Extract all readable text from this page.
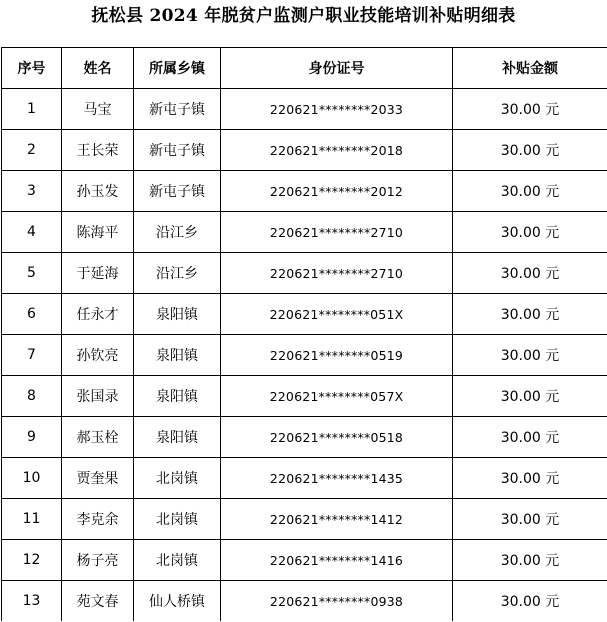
抚松县 2024 年脱贫户监测户职业技能培训补贴明细表
序号	姓名	所属乡镇	身份证号	补贴金额
1	马宝	新屯子镇	220621********2033	30.00 元
2	王长荣	新屯子镇	220621********2018	30.00 元
3	孙玉发	新屯子镇	220621********2012	30.00 元
4	陈海平	沿江乡	220621********2710	30.00 元
5	于延海	沿江乡	220621********2710	30.00 元
6	任永才	泉阳镇	220621********051X	30.00 元
7	孙钦亮	泉阳镇	220621********0519	30.00 元
8	张国录	泉阳镇	220621********057X	30.00 元
9	郝玉栓	泉阳镇	220621********0518	30.00 元
10	贾奎果	北岗镇	220621********1435	30.00 元
11	李克余	北岗镇	220621********1412	30.00 元
12	杨子亮	北岗镇	220621********1416	30.00 元
13	苑文春	仙人桥镇	220621********0938	30.00 元
